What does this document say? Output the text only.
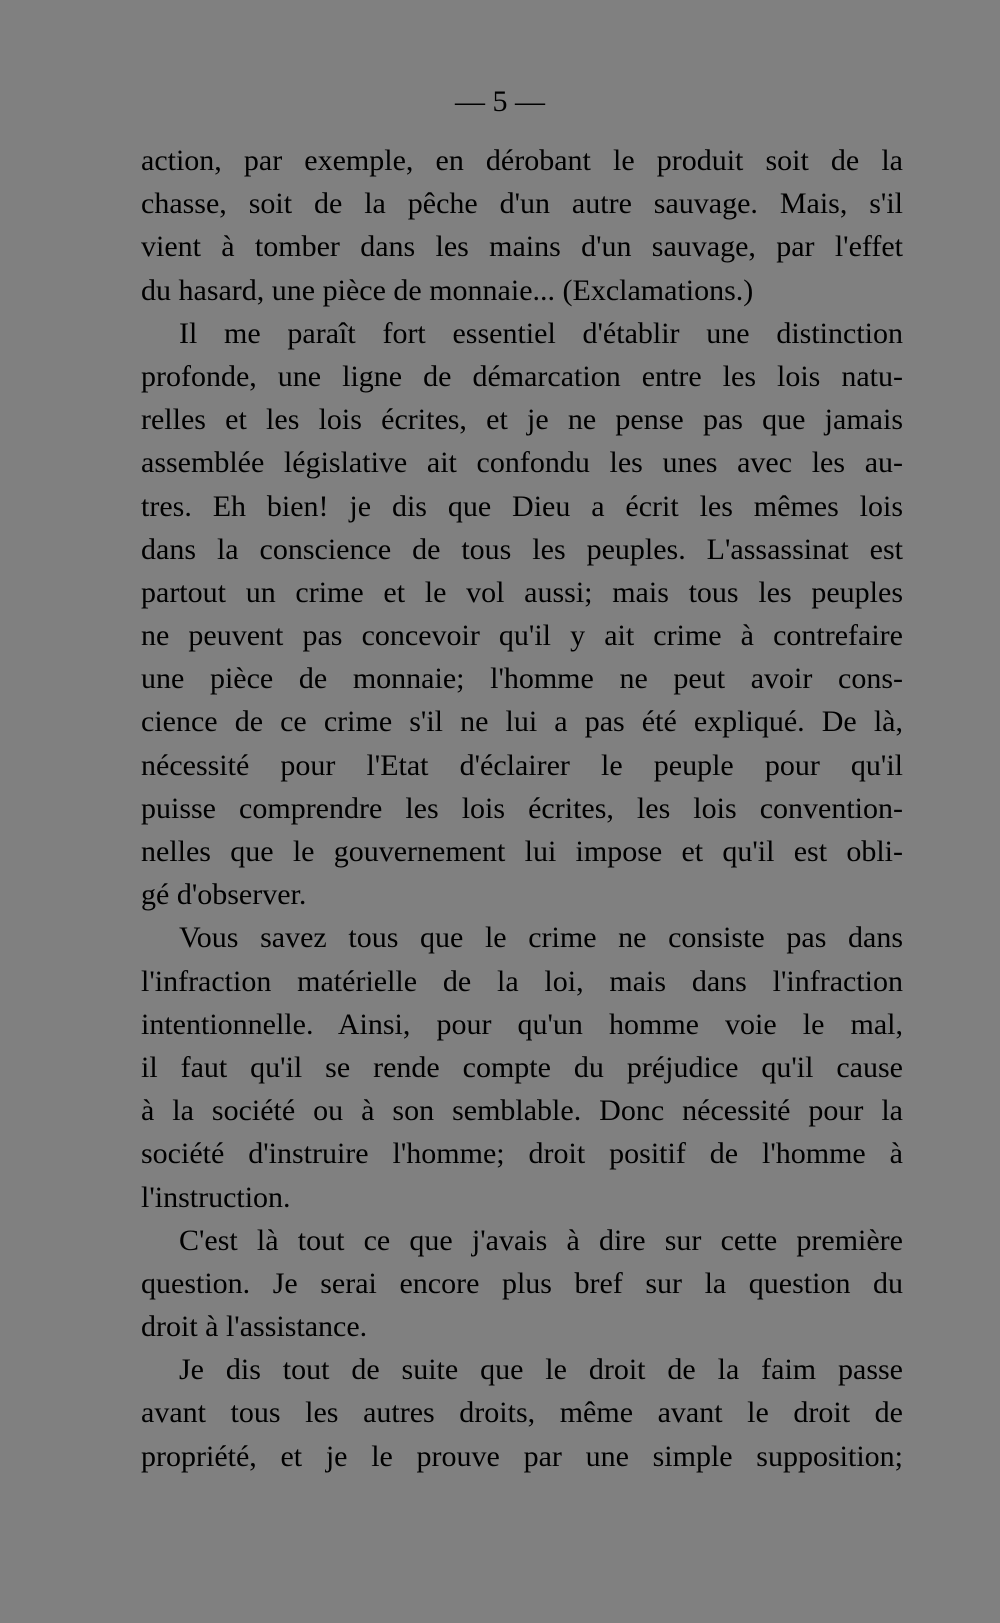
— 5 —
action, par exemple, en dérobant le produit soit de la
chasse, soit de la pêche d'un autre sauvage. Mais, s'il
vient à tomber dans les mains d'un sauvage, par l'effet
du hasard, une pièce de monnaie... (Exclamations.)
Il me paraît fort essentiel d'établir une distinction
profonde, une ligne de démarcation entre les lois natu-
relles et les lois écrites, et je ne pense pas que jamais
assemblée législative ait confondu les unes avec les au-
tres. Eh bien! je dis que Dieu a écrit les mêmes lois
dans la conscience de tous les peuples. L'assassinat est
partout un crime et le vol aussi; mais tous les peuples
ne peuvent pas concevoir qu'il y ait crime à contrefaire
une pièce de monnaie; l'homme ne peut avoir cons-
cience de ce crime s'il ne lui a pas été expliqué. De là,
nécessité pour l'Etat d'éclairer le peuple pour qu'il
puisse comprendre les lois écrites, les lois convention-
nelles que le gouvernement lui impose et qu'il est obli-
gé d'observer.
Vous savez tous que le crime ne consiste pas dans
l'infraction matérielle de la loi, mais dans l'infraction
intentionnelle. Ainsi, pour qu'un homme voie le mal,
il faut qu'il se rende compte du préjudice qu'il cause
à la société ou à son semblable. Donc nécessité pour la
société d'instruire l'homme; droit positif de l'homme à
l'instruction.
C'est là tout ce que j'avais à dire sur cette première
question. Je serai encore plus bref sur la question du
droit à l'assistance.
Je dis tout de suite que le droit de la faim passe
avant tous les autres droits, même avant le droit de
propriété, et je le prouve par une simple supposition;
